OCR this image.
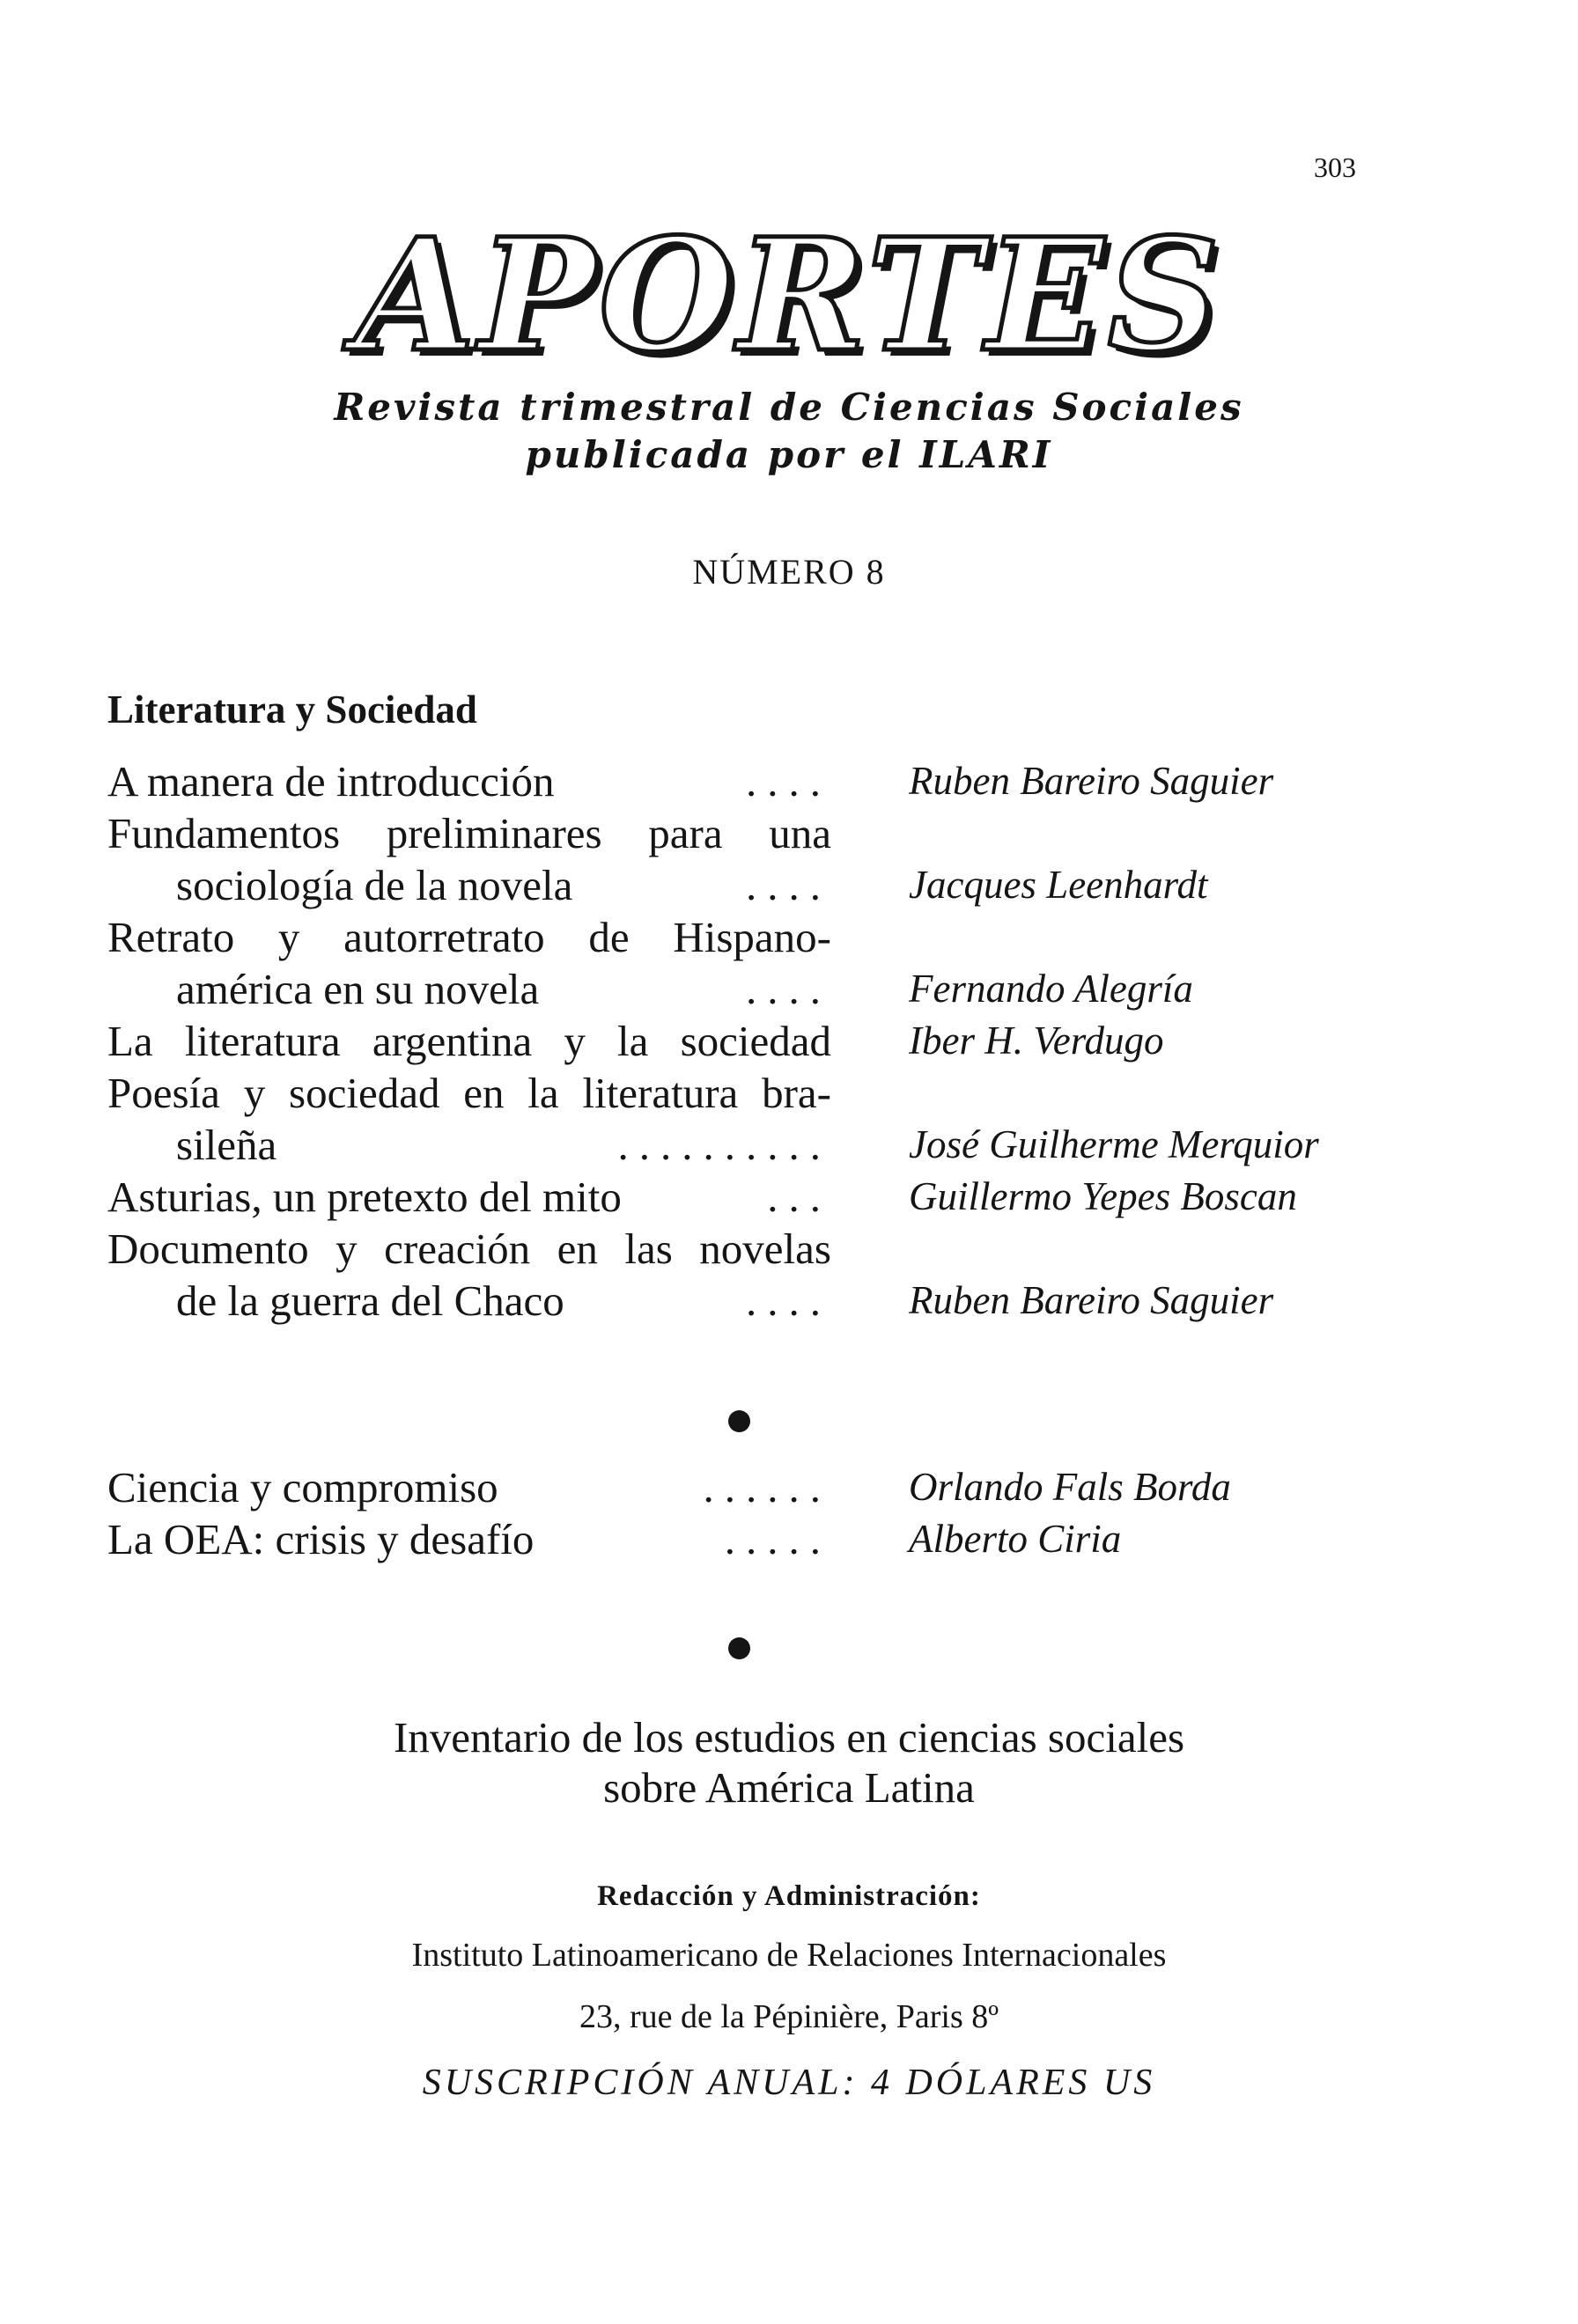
303
APORTES
Revista trimestral de Ciencias Sociales
publicada por el ILARI
NÚMERO 8
Literatura y Sociedad
A manera de introducción	.... Ruben Bareiro Saguier
Fundamentos preliminares para una
sociología de la novela	.... Jacques Leenhardt
Retrato y autorretrato de Hispano-
américa en su novela	.... Fernando Alegría
La literatura argentina y la sociedad Iber H. Verdugo
Poesía y sociedad en la literatura bra-
sileña	.......... José Guilherme Merquior
Asturias, un pretexto del mito	... Guillermo Yepes Boscan
Documento y creación en las novelas
de la guerra del Chaco	.... Ruben Bareiro Saguier
Ciencia y compromiso	...... Orlando Fals Borda
La OEA: crisis y desafío	..... Alberto Ciria
Inventario de los estudios en ciencias sociales
sobre América Latina
Redacción y Administración:
Instituto Latinoamericano de Relaciones Internacionales
23, rue de la Pépinière, Paris 8º
SUSCRIPCIÓN ANUAL: 4 DÓLARES US
